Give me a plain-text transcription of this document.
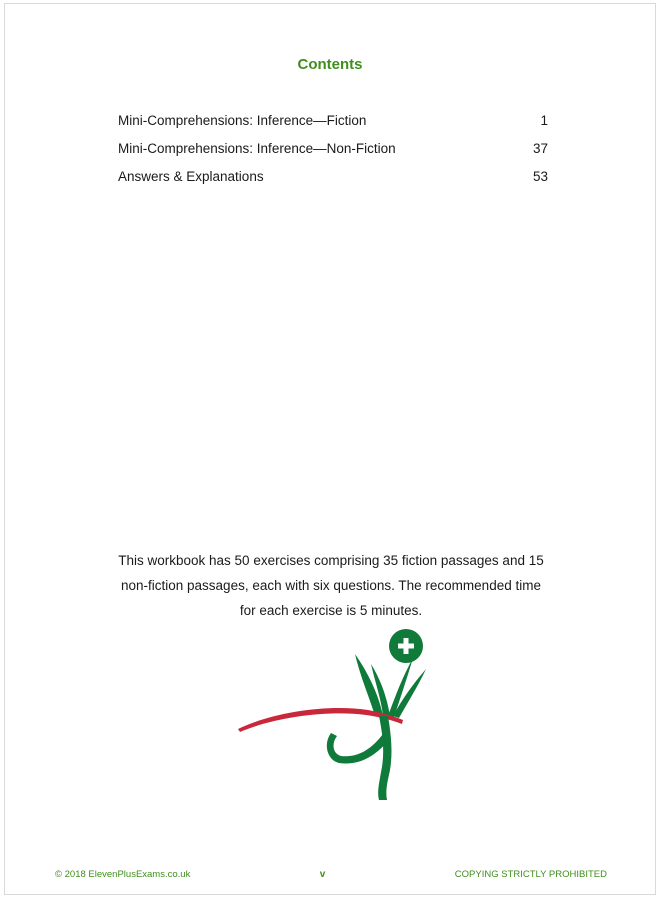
Contents
Mini-Comprehensions: Inference—Fiction	1
Mini-Comprehensions: Inference—Non-Fiction	37
Answers & Explanations	53
This workbook has 50 exercises comprising 35 fiction passages and 15
non-fiction passages, each with six questions. The recommended time
for each exercise is 5 minutes.
© 2018 ElevenPlusExams.co.uk	v	COPYING STRICTLY PROHIBITED
